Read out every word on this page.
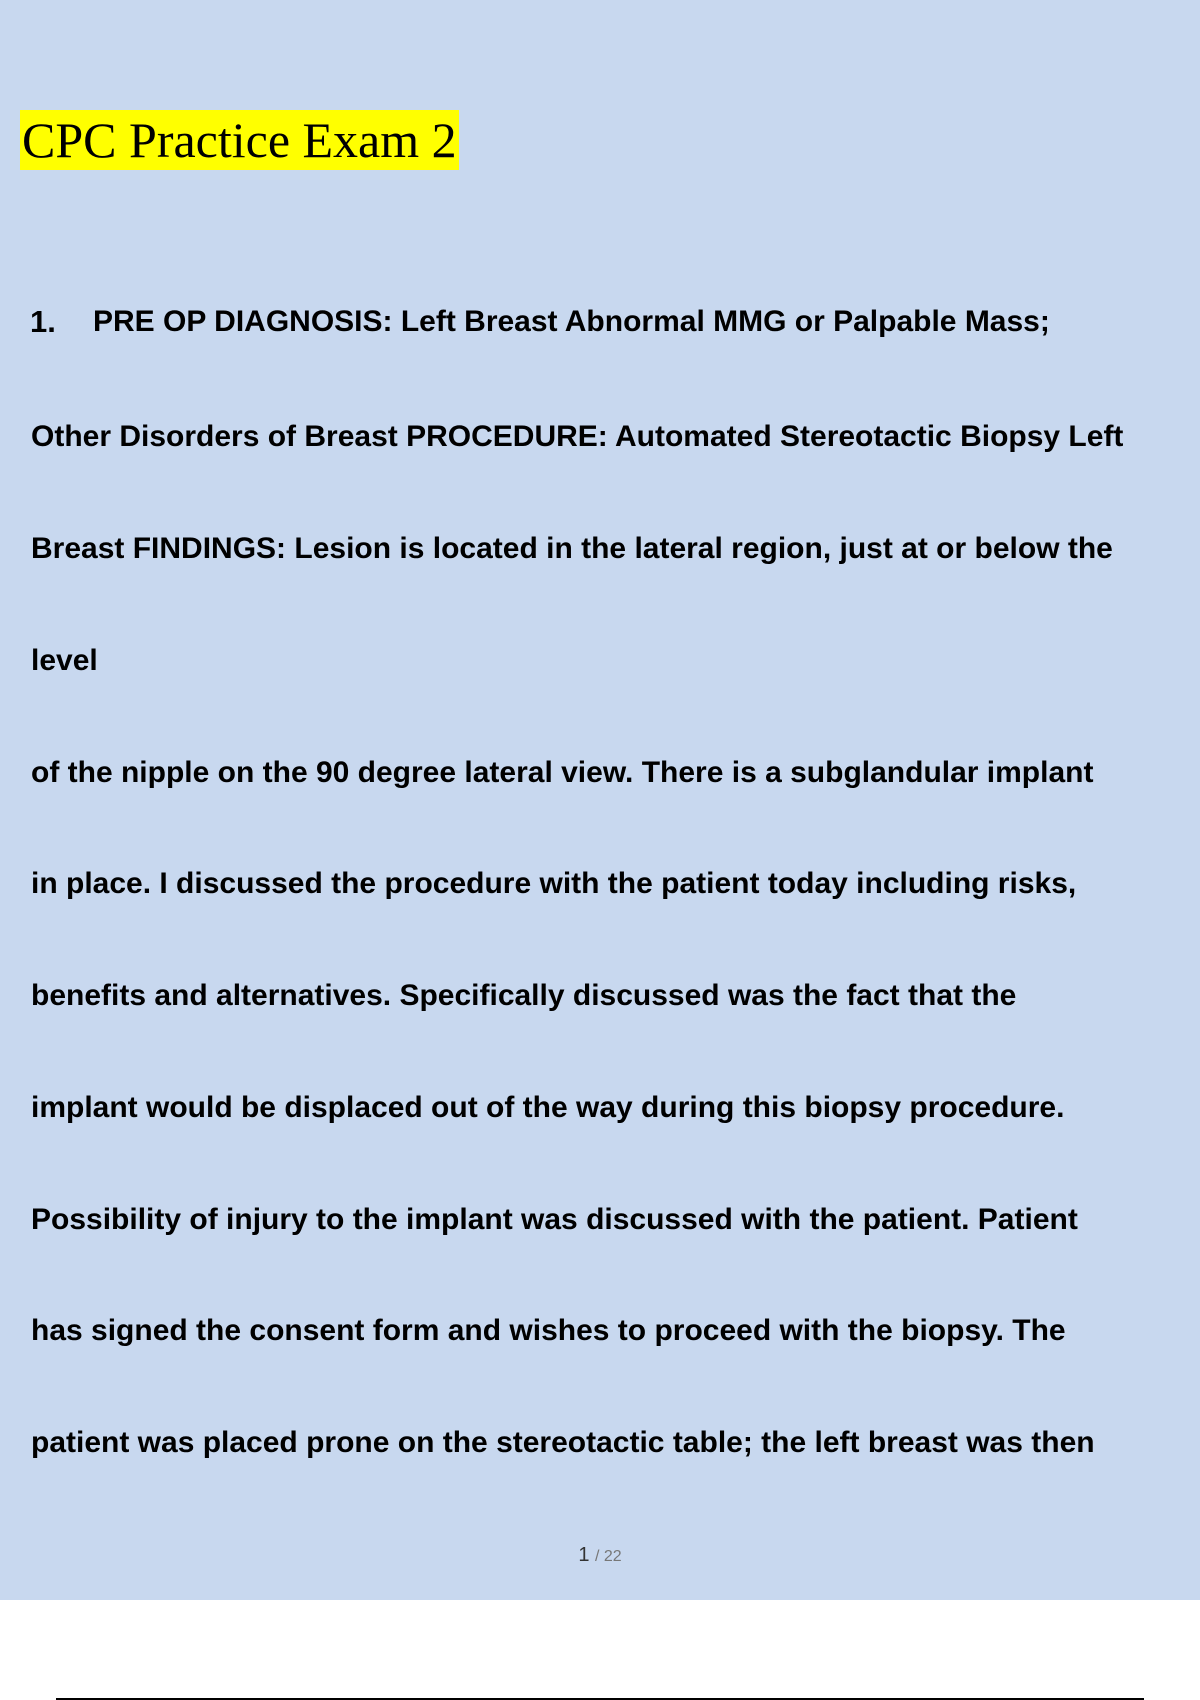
CPC Practice Exam 2
1. PRE OP DIAGNOSIS: Left Breast Abnormal MMG or Palpable Mass;
Other Disorders of Breast PROCEDURE: Automated Stereotactic Biopsy Left
Breast FINDINGS: Lesion is located in the lateral region, just at or below the
level
of the nipple on the 90 degree lateral view. There is a subglandular implant
in place. I discussed the procedure with the patient today including risks,
benefits and alternatives. Specifically discussed was the fact that the
implant would be displaced out of the way during this biopsy procedure.
Possibility of injury to the implant was discussed with the patient. Patient
has signed the consent form and wishes to proceed with the biopsy. The
patient was placed prone on the stereotactic table; the left breast was then
1 / 22
